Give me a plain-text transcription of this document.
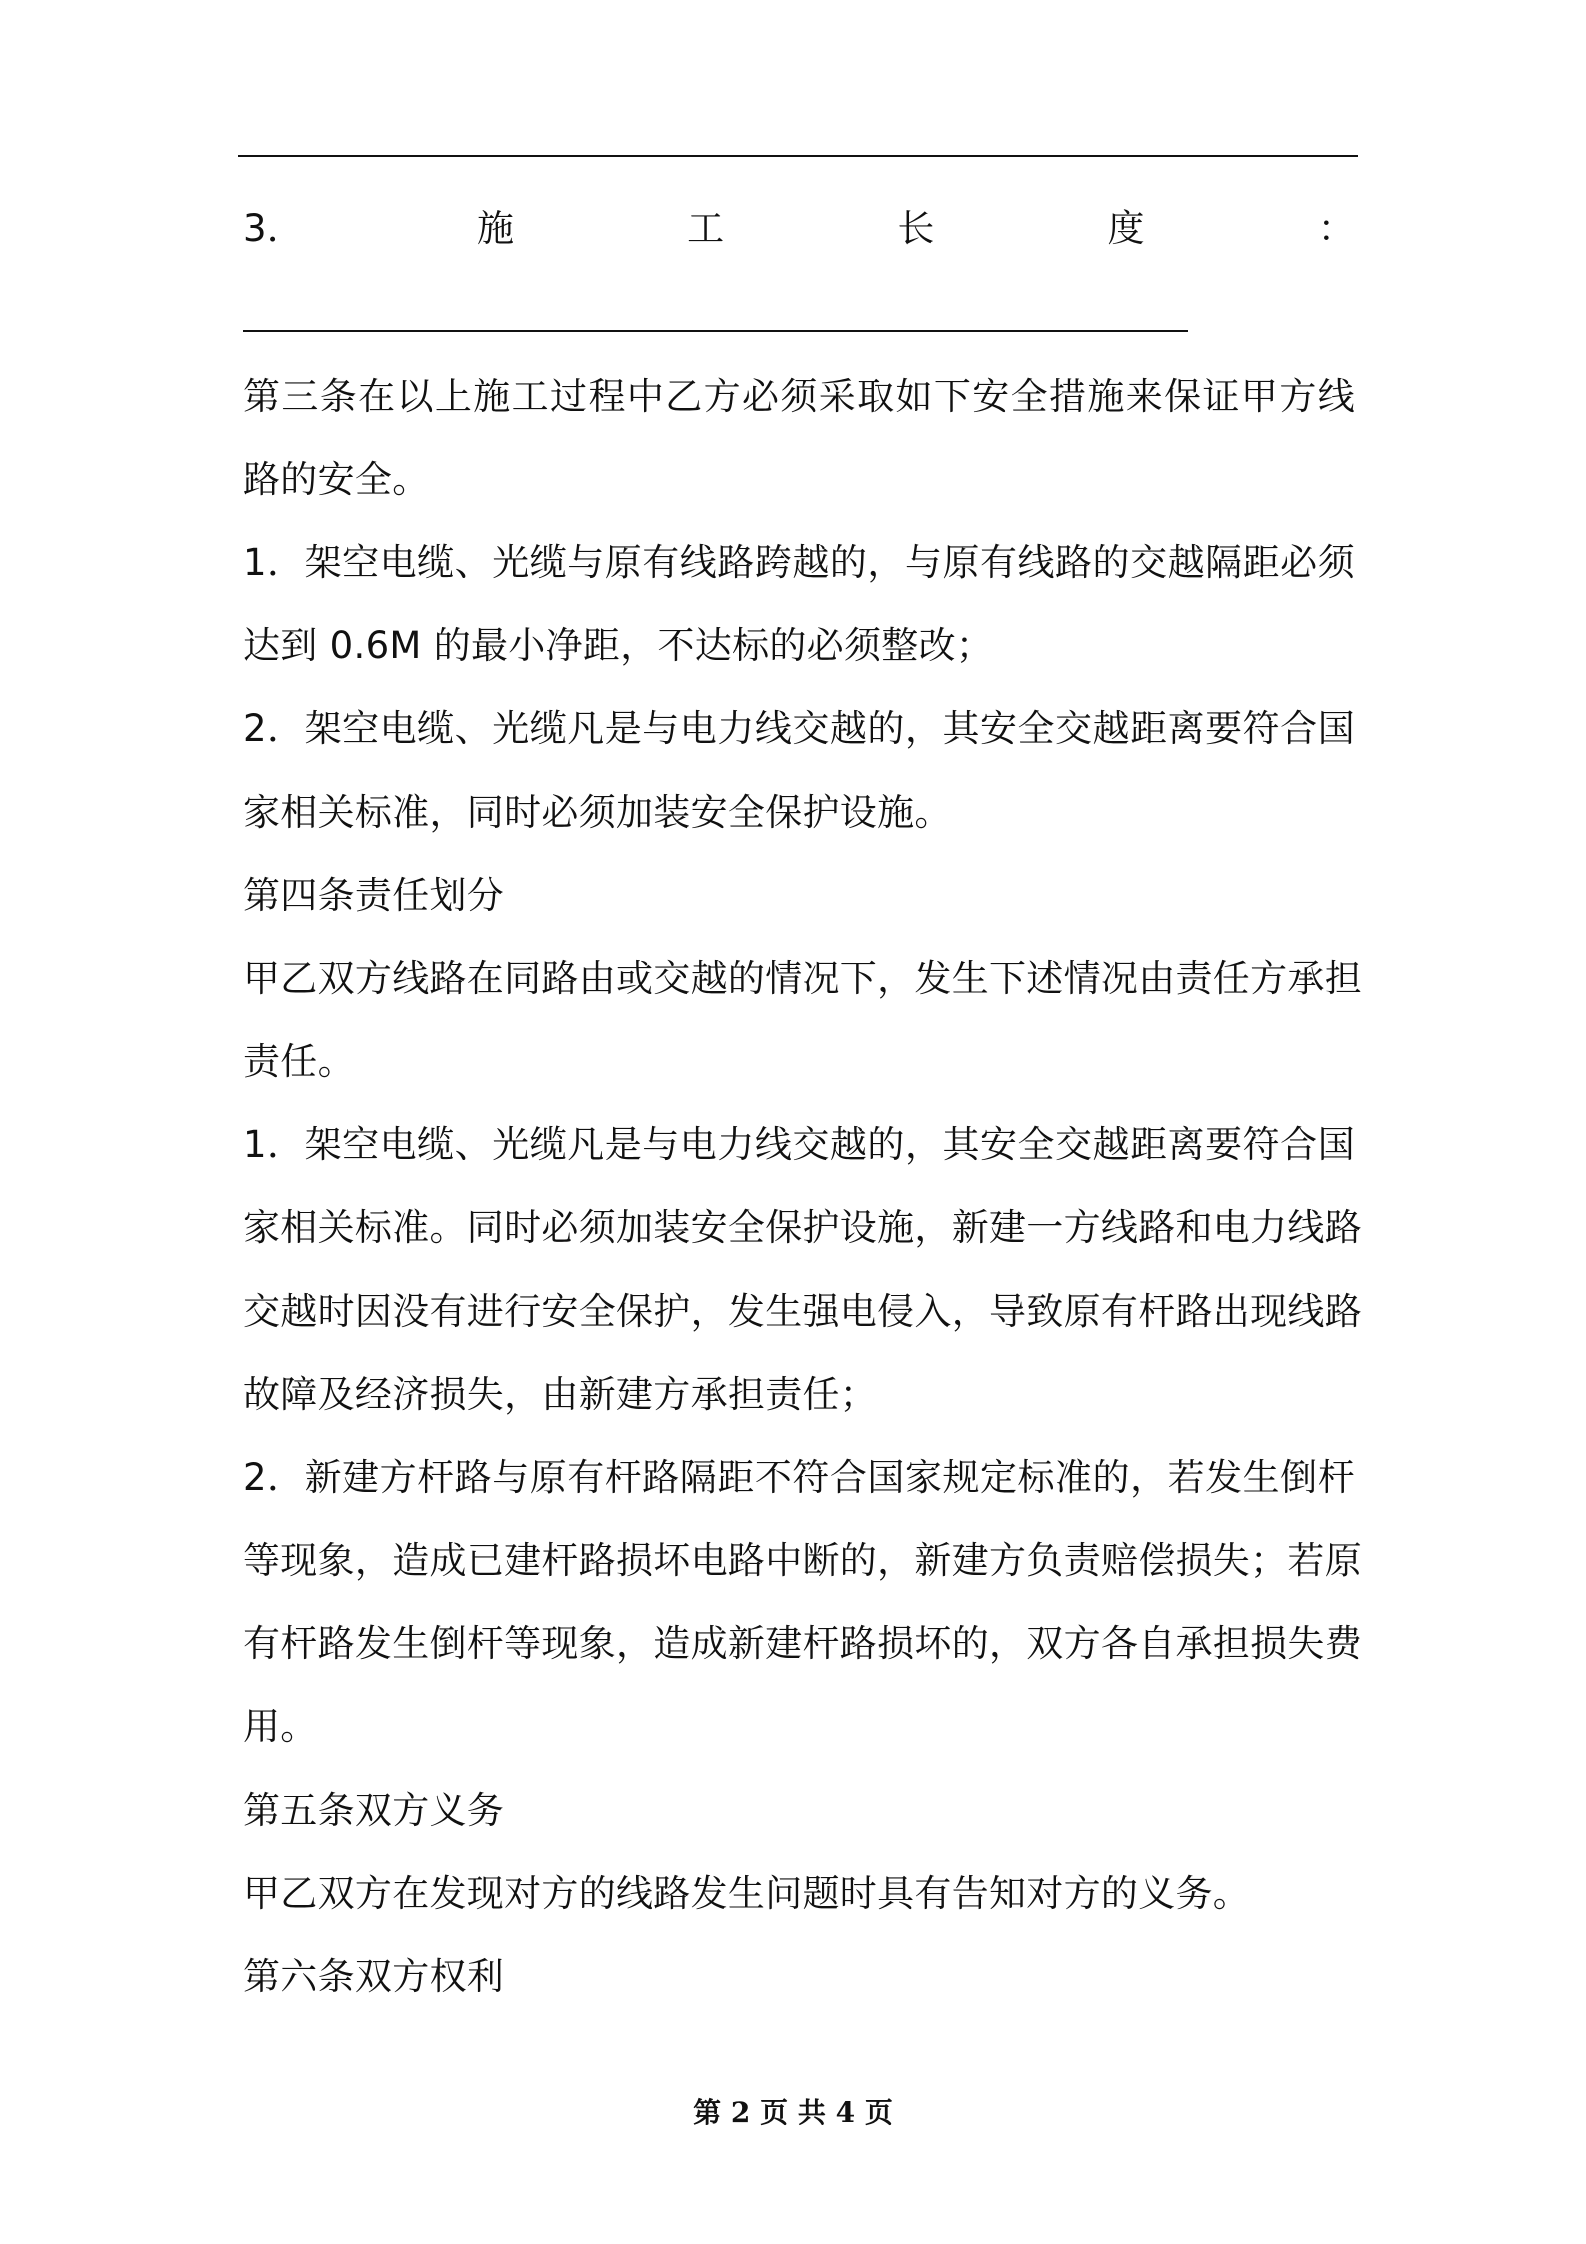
3．	施	工	长	度	：
第三条在以上施工过程中乙方必须采取如下安全措施来保证甲方线
路的安全。
1．架空电缆、光缆与原有线路跨越的，与原有线路的交越隔距必须
达到 0.6M 的最小净距，不达标的必须整改；
2．架空电缆、光缆凡是与电力线交越的，其安全交越距离要符合国
家相关标准，同时必须加装安全保护设施。
第四条责任划分
甲乙双方线路在同路由或交越的情况下，发生下述情况由责任方承担
责任。
1．架空电缆、光缆凡是与电力线交越的，其安全交越距离要符合国
家相关标准。同时必须加装安全保护设施，新建一方线路和电力线路
交越时因没有进行安全保护，发生强电侵入，导致原有杆路出现线路
故障及经济损失，由新建方承担责任；
2．新建方杆路与原有杆路隔距不符合国家规定标准的，若发生倒杆
等现象，造成已建杆路损坏电路中断的，新建方负责赔偿损失；若原
有杆路发生倒杆等现象，造成新建杆路损坏的，双方各自承担损失费
用。
第五条双方义务
甲乙双方在发现对方的线路发生问题时具有告知对方的义务。
第六条双方权利
第 2 页 共 4 页
